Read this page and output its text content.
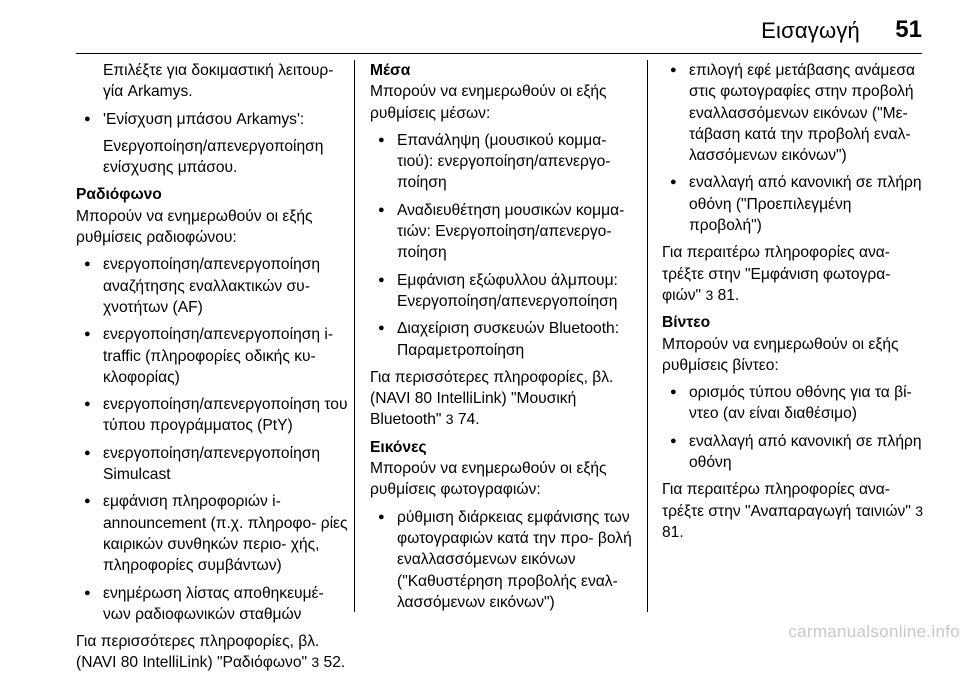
Εισαγωγή 51

Επιλέξτε για δοκιμαστική λειτουρ- γία Arkamys.

● 'Ενίσχυση μπάσου Arkamys':

Ενεργοποίηση/απενεργοποίηση ενίσχυσης μπάσου.

Ραδιόφωνο

Μπορούν να ενημερωθούν οι εξής ρυθμίσεις ραδιοφώνου:

● ενεργοποίηση/απενεργοποίηση αναζήτησης εναλλακτικών συ- χνοτήτων (AF)
● ενεργοποίηση/απενεργοποίηση i-traffic (πληροφορίες οδικής κυ- κλοφορίας)
● ενεργοποίηση/απενεργοποίηση του τύπου προγράμματος (PtY)
● ενεργοποίηση/απενεργοποίηση Simulcast
● εμφάνιση πληροφοριών i- announcement (π.χ. πληροφο- ρίες καιρικών συνθηκών περιο- χής, πληροφορίες συμβάντων)
● ενημέρωση λίστας αποθηκευμέ- νων ραδιοφωνικών σταθμών

Για περισσότερες πληροφορίες, βλ. (NAVI 80 IntelliLink) "Ραδιόφωνο" 3 52.

Μέσα

Μπορούν να ενημερωθούν οι εξής ρυθμίσεις μέσων:

● Επανάληψη (μουσικού κομμα- τιού): ενεργοποίηση/απενεργο- ποίηση
● Αναδιευθέτηση μουσικών κομμα- τιών: Ενεργοποίηση/απενεργο- ποίηση
● Εμφάνιση εξώφυλλου άλμπουμ: Ενεργοποίηση/απενεργοποίηση
● Διαχείριση συσκευών Bluetooth: Παραμετροποίηση

Για περισσότερες πληροφορίες, βλ. (NAVI 80 IntelliLink) "Μουσική Bluetooth" 3 74.

Εικόνες

Μπορούν να ενημερωθούν οι εξής ρυθμίσεις φωτογραφιών:

● ρύθμιση διάρκειας εμφάνισης των φωτογραφιών κατά την προ- βολή εναλλασσόμενων εικόνων ("Καθυστέρηση προβολής εναλ- λασσόμενων εικόνων")
● επιλογή εφέ μετάβασης ανάμεσα στις φωτογραφίες στην προβολή εναλλασσόμενων εικόνων ("Με- τάβαση κατά την προβολή εναλ- λασσόμενων εικόνων")
● εναλλαγή από κανονική σε πλήρη οθόνη ("Προεπιλεγμένη προβολή")

Για περαιτέρω πληροφορίες ανα- τρέξτε στην "Εμφάνιση φωτογρα- φιών" 3 81.

Βίντεο

Μπορούν να ενημερωθούν οι εξής ρυθμίσεις βίντεο:

● ορισμός τύπου οθόνης για τα βί- ντεο (αν είναι διαθέσιμο)
● εναλλαγή από κανονική σε πλήρη οθόνη

Για περαιτέρω πληροφορίες ανα- τρέξτε στην "Αναπαραγωγή ταινιών" 3 81.

carmanualsonline.info
